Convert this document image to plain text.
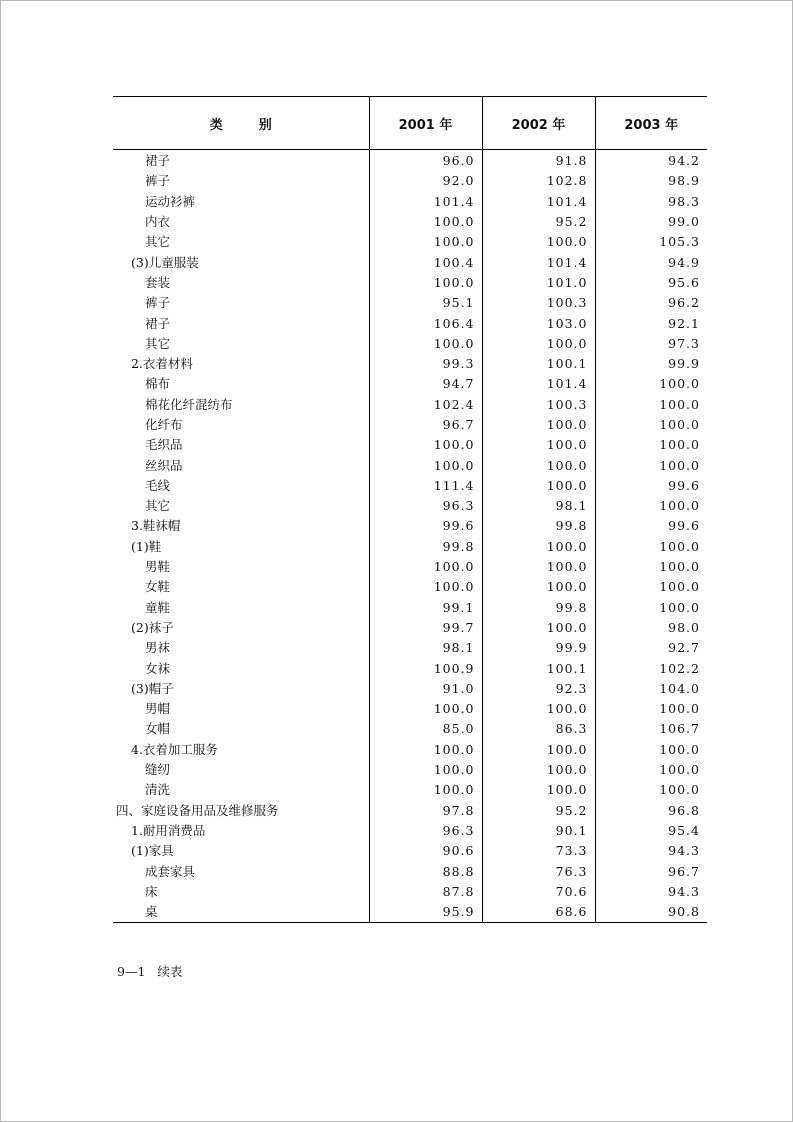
类别	2001 年	2002 年	2003 年
裙子	96.0	91.8	94.2
裤子	92.0	102.8	98.9
运动衫裤	101.4	101.4	98.3
内衣	100.0	95.2	99.0
其它	100.0	100.0	105.3
(3)儿童服装	100.4	101.4	94.9
套装	100.0	101.0	95.6
裤子	95.1	100.3	96.2
裙子	106.4	103.0	92.1
其它	100.0	100.0	97.3
2.衣着材料	99.3	100.1	99.9
棉布	94.7	101.4	100.0
棉花化纤混纺布	102.4	100.3	100.0
化纤布	96.7	100.0	100.0
毛织品	100.0	100.0	100.0
丝织品	100.0	100.0	100.0
毛线	111.4	100.0	99.6
其它	96.3	98.1	100.0
3.鞋袜帽	99.6	99.8	99.6
(1)鞋	99.8	100.0	100.0
男鞋	100.0	100.0	100.0
女鞋	100.0	100.0	100.0
童鞋	99.1	99.8	100.0
(2)袜子	99.7	100.0	98.0
男袜	98.1	99.9	92.7
女袜	100.9	100.1	102.2
(3)帽子	91.0	92.3	104.0
男帽	100.0	100.0	100.0
女帽	85.0	86.3	106.7
4.衣着加工服务	100.0	100.0	100.0
缝纫	100.0	100.0	100.0
清洗	100.0	100.0	100.0
四、家庭设备用品及维修服务	97.8	95.2	96.8
1.耐用消费品	96.3	90.1	95.4
(1)家具	90.6	73.3	94.3
成套家具	88.8	76.3	96.7
床	87.8	70.6	94.3
桌	95.9	68.6	90.8
9—1   续表
